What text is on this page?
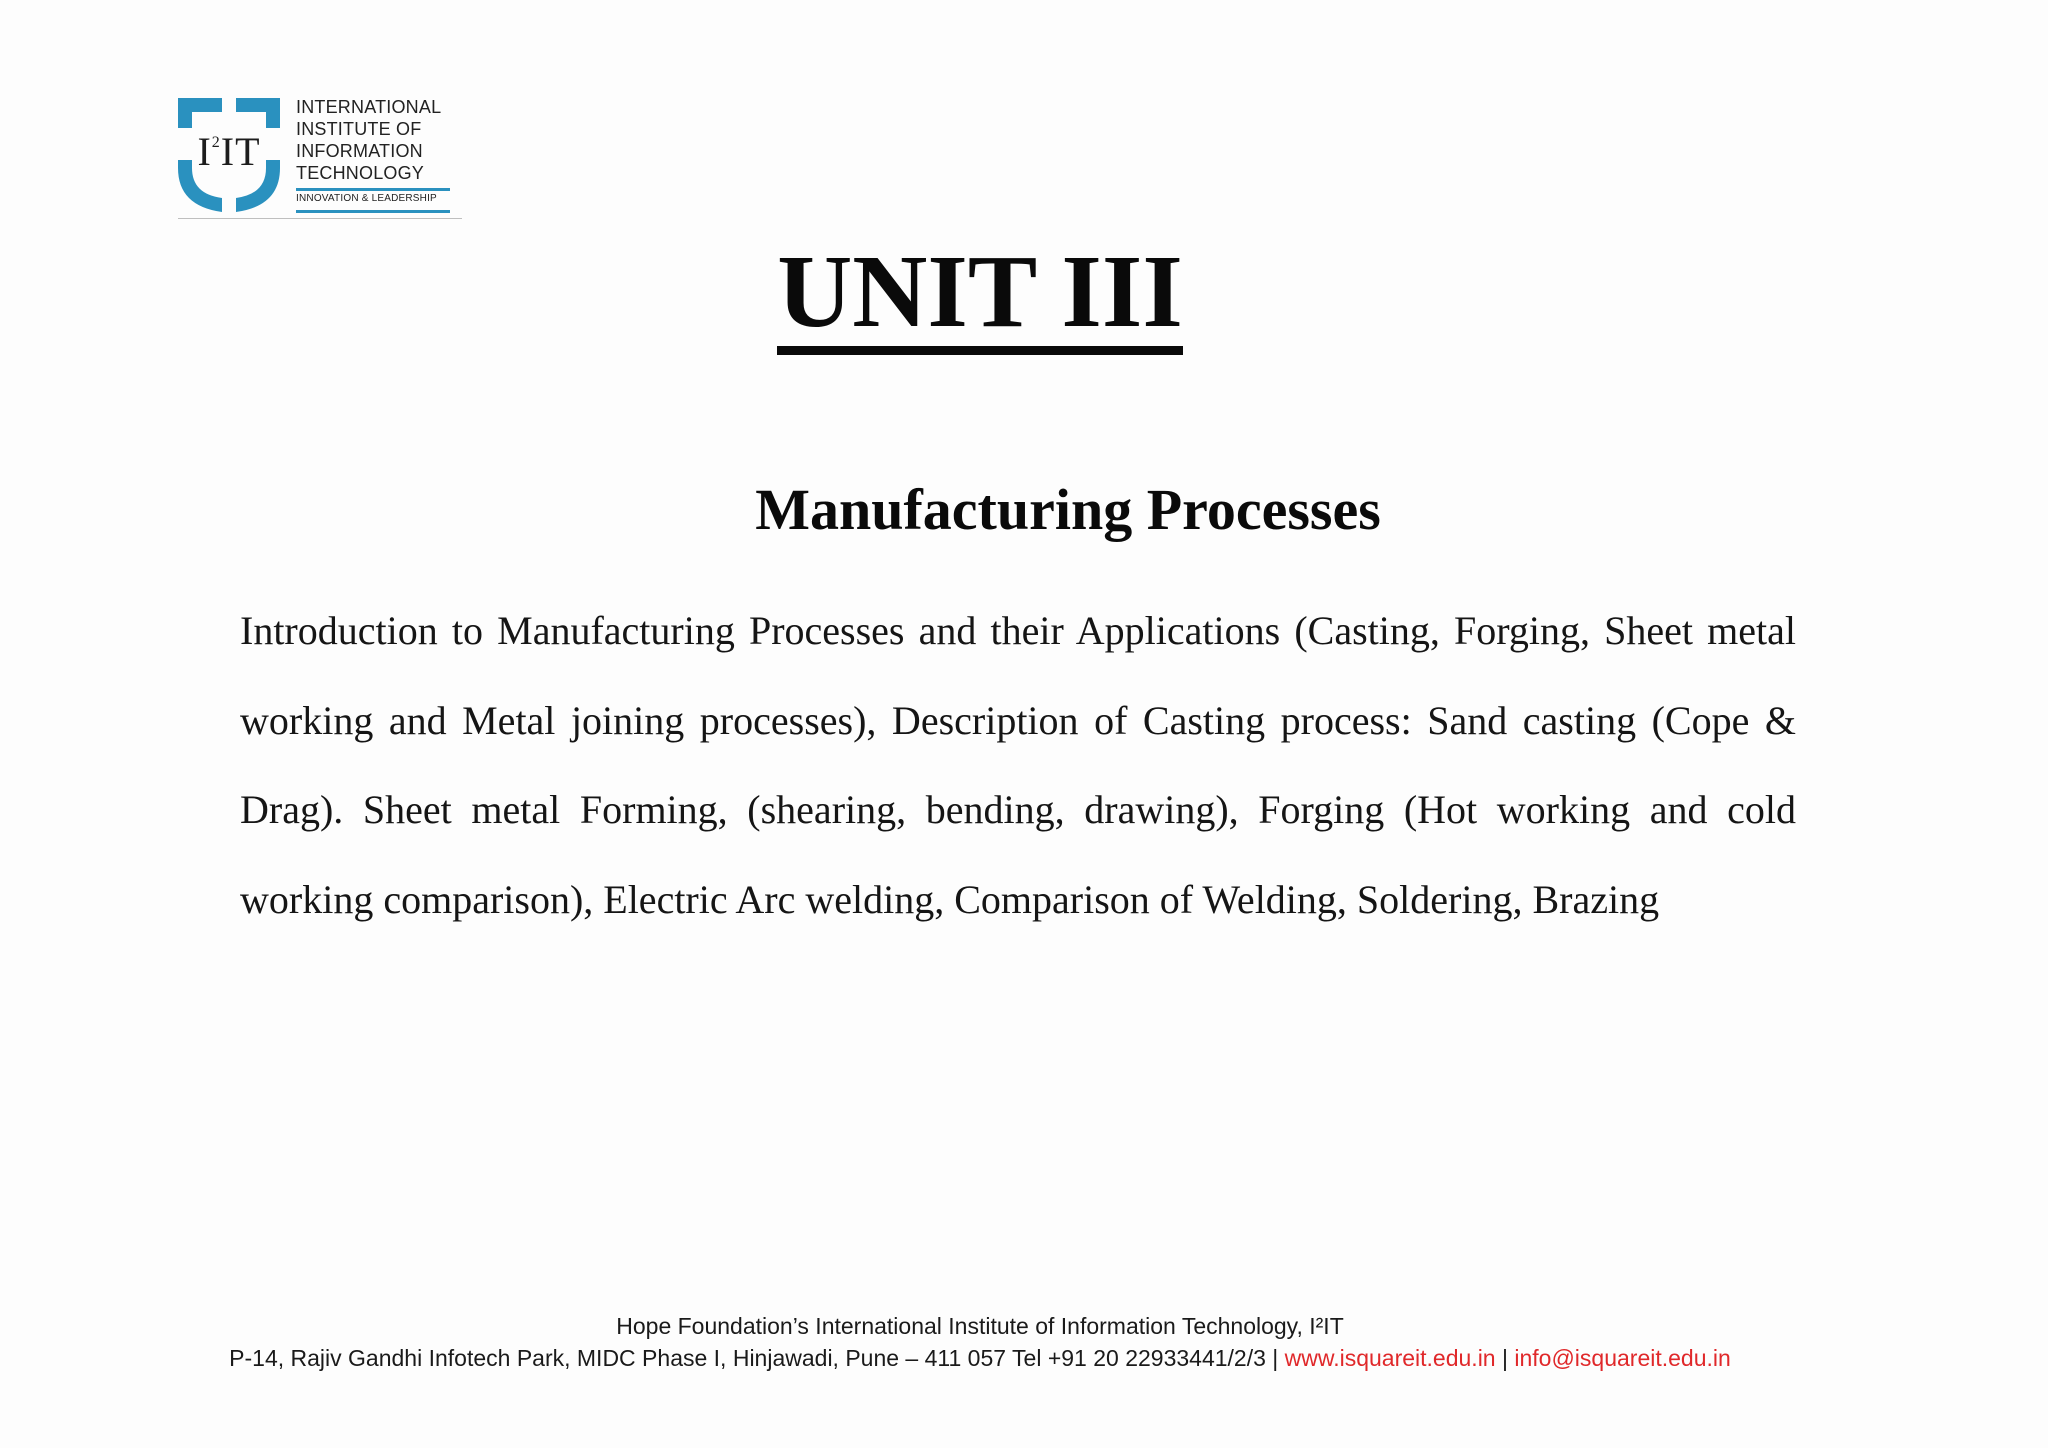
$I^2IT$
INTERNATIONAL
INSTITUTE OF
INFORMATION
TECHNOLOGY
INNOVATION & LEADERSHIP
UNIT III
Manufacturing Processes

Introduction to Manufacturing Processes and their Applications (Casting, Forging, Sheet metal working and Metal joining processes), Description of Casting process: Sand casting (Cope & Drag). Sheet metal Forming, (shearing, bending, drawing), Forging (Hot working and cold working comparison), Electric Arc welding, Comparison of Welding, Soldering, Brazing

Hope Foundation’s International Institute of Information Technology, I²IT
P-14, Rajiv Gandhi Infotech Park, MIDC Phase I, Hinjawadi, Pune – 411 057 Tel +91 20 22933441/2/3 | www.isquareit.edu.in | info@isquareit.edu.in
